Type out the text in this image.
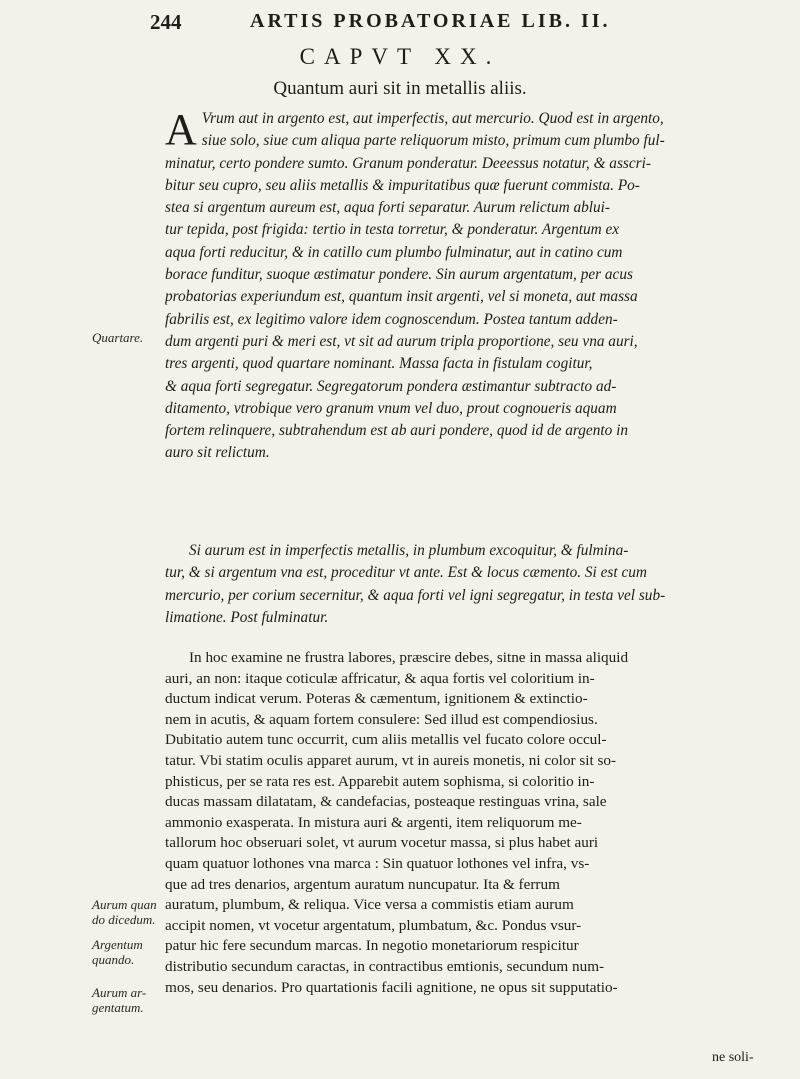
244	ARTIS PROBATORIAE LIB. II.
CAPVT XX.
Quantum auri sit in metallis aliis.
A Vrum aut in argento est, aut imperfectis, aut mercurio. Quod est in argento,
siue solo, siue cum aliqua parte reliquorum misto, primum cum plumbo ful-
minatur, certo pondere sumto. Granum ponderatur. Deeessus notatur, & asscri-
bitur seu cupro, seu aliis metallis & impuritatibus quæ fuerunt commista. Po-
stea si argentum aureum est, aqua forti separatur. Aurum relictum ablui-
tur tepida, post frigida: tertio in testa torretur, & ponderatur. Argentum ex
aqua forti reducitur, & in catillo cum plumbo fulminatur, aut in catino cum
borace funditur, suoque æstimatur pondere. Sin aurum argentatum, per acus
probatorias experiundum est, quantum insit argenti, vel si moneta, aut massa
fabrilis est, ex legitimo valore idem cognoscendum. Postea tantum adden-
dum argenti puri & meri est, vt sit ad aurum tripla proportione, seu vna auri,
tres argenti, quod quartare nominant. Massa facta in fistulam cogitur,
& aqua forti segregatur. Segregatorum pondera æstimantur subtracto ad-
ditamento, vtrobique vero granum vnum vel duo, prout cognoueris aquam
fortem relinquere, subtrahendum est ab auri pondere, quod id de argento in
auro sit relictum.
Si aurum est in imperfectis metallis, in plumbum excoquitur, & fulmina-
tur, & si argentum vna est, proceditur vt ante. Est & locus cæmento. Si est cum
mercurio, per corium secernitur, & aqua forti vel igni segregatur, in testa vel sub-
limatione. Post fulminatur.
In hoc examine ne frustra labores, præscire debes, sitne in massa aliquid
auri, an non: itaque coticulæ affricatur, & aqua fortis vel coloritium in-
ductum indicat verum. Poteras & cæmentum, ignitionem & extinctio-
nem in acutis, & aquam fortem consulere: Sed illud est compendiosius.
Dubitatio autem tunc occurrit, cum aliis metallis vel fucato colore occul-
tatur. Vbi statim oculis apparet aurum, vt in aureis monetis, ni color sit so-
phisticus, per se rata res est. Apparebit autem sophisma, si coloritio in-
ducas massam dilatatam, & candefacias, posteaque restinguas vrina, sale
ammonio exasperata. In mistura auri & argenti, item reliquorum me-
tallorum hoc obseruari solet, vt aurum vocetur massa, si plus habet auri
quam quatuor lothones vna marca : Sin quatuor lothones vel infra, vs-
que ad tres denarios, argentum auratum nuncupatur. Ita & ferrum
auratum, plumbum, & reliqua. Vice versa a commistis etiam aurum
accipit nomen, vt vocetur argentatum, plumbatum, &c. Pondus vsur-
patur hic fere secundum marcas. In negotio monetariorum respicitur
distributio secundum caractas, in contractibus emtionis, secundum num-
mos, seu denarios. Pro quartationis facili agnitione, ne opus sit supputatio-
Quartare.
Aurum quan
do dicedum.
Argentum
quando.
Aurum ar-
gentatum.
ne soli-
